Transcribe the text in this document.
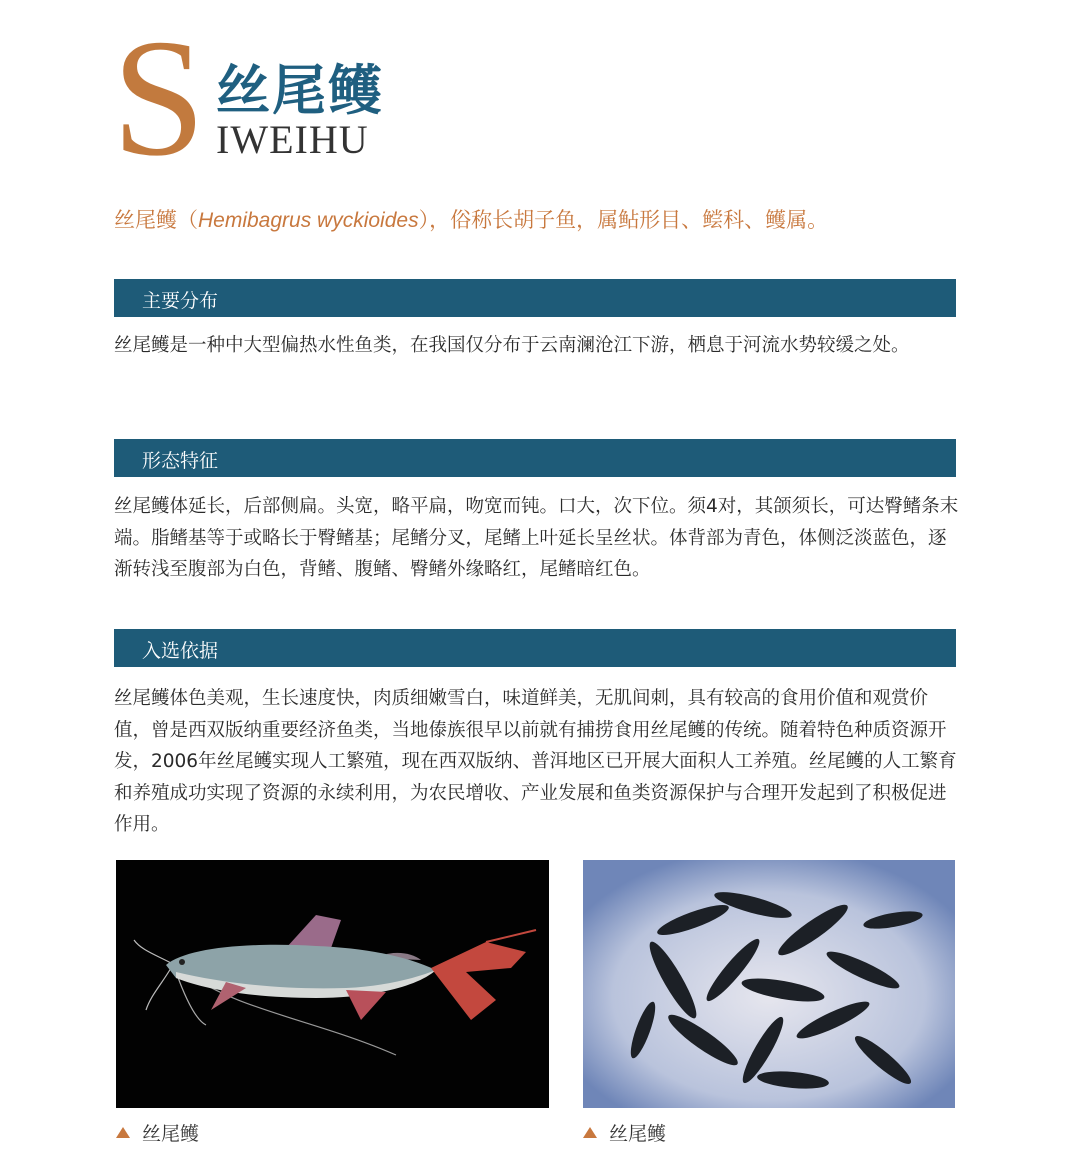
S 丝尾鳠
IWEIHU
丝尾鳠（Hemibagrus wyckioides），俗称长胡子鱼，属鲇形目、鲿科、鳠属。
主要分布

丝尾鳠是一种中大型偏热水性鱼类，在我国仅分布于云南澜沧江下游，栖息于河流水势较缓之处。

形态特征

丝尾鳠体延长，后部侧扁。头宽，略平扁，吻宽而钝。口大，次下位。须4对，其颌须长，可达臀鳍条末端。脂鳍基等于或略长于臀鳍基；尾鳍分叉，尾鳍上叶延长呈丝状。体背部为青色，体侧泛淡蓝色，逐渐转浅至腹部为白色，背鳍、腹鳍、臀鳍外缘略红，尾鳍暗红色。

入选依据

丝尾鳠体色美观，生长速度快，肉质细嫩雪白，味道鲜美，无肌间刺，具有较高的食用价值和观赏价值，曾是西双版纳重要经济鱼类，当地傣族很早以前就有捕捞食用丝尾鳠的传统。随着特色种质资源开发，2006年丝尾鳠实现人工繁殖，现在西双版纳、普洱地区已开展大面积人工养殖。丝尾鳠的人工繁育和养殖成功实现了资源的永续利用，为农民增收、产业发展和鱼类资源保护与合理开发起到了积极促进作用。

丝尾鳠	丝尾鳠
